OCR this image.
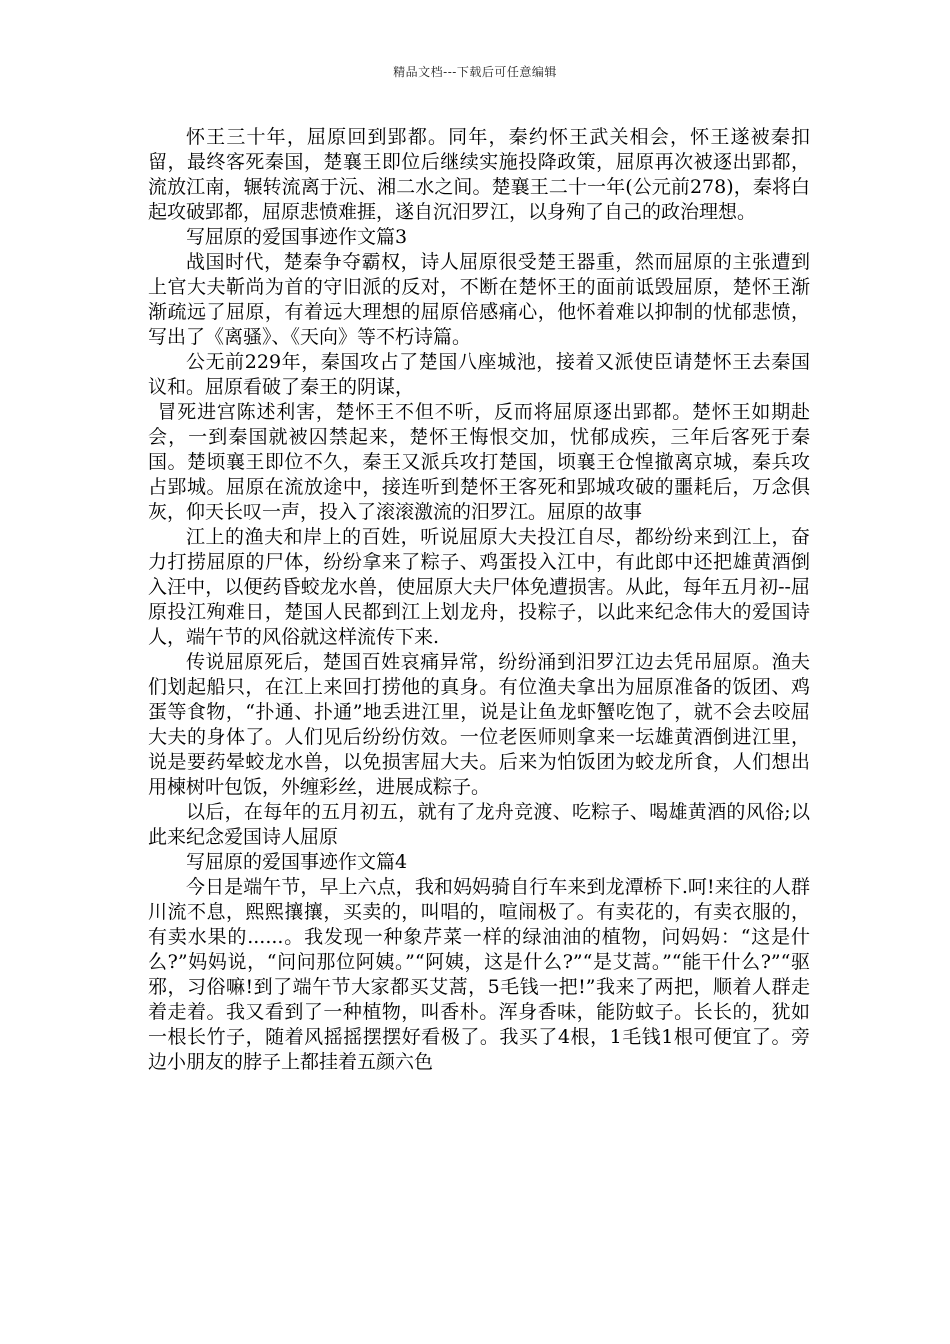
精品文档---下载后可任意编辑

怀王三十年，屈原回到郢都。同年，秦约怀王武关相会，怀王遂被秦扣留，最终客死秦国，楚襄王即位后继续实施投降政策，屈原再次被逐出郢都，流放江南，辗转流离于沅、湘二水之间。楚襄王二十一年(公元前278)，秦将白起攻破郢都，屈原悲愤难捱，遂自沉汨罗江，以身殉了自己的政治理想。

写屈原的爱国事迹作文篇3

战国时代，楚秦争夺霸权，诗人屈原很受楚王器重，然而屈原的主张遭到上官大夫靳尚为首的守旧派的反对，不断在楚怀王的面前诋毁屈原，楚怀王渐渐疏远了屈原，有着远大理想的屈原倍感痛心，他怀着难以抑制的忧郁悲愤，写出了《离骚》、《天向》等不朽诗篇。

公无前229年，秦国攻占了楚国八座城池，接着又派使臣请楚怀王去秦国议和。屈原看破了秦王的阴谋，

冒死进宫陈述利害，楚怀王不但不听，反而将屈原逐出郢都。楚怀王如期赴会，一到秦国就被囚禁起来，楚怀王悔恨交加，忧郁成疾，三年后客死于秦国。楚顷襄王即位不久，秦王又派兵攻打楚国，顷襄王仓惶撤离京城，秦兵攻占郢城。屈原在流放途中，接连听到楚怀王客死和郢城攻破的噩耗后，万念俱灰，仰天长叹一声，投入了滚滚激流的汨罗江。屈原的故事

江上的渔夫和岸上的百姓，听说屈原大夫投江自尽，都纷纷来到江上，奋力打捞屈原的尸体，纷纷拿来了粽子、鸡蛋投入江中，有此郎中还把雄黄酒倒入汪中，以便药昏蛟龙水兽，使屈原大夫尸体免遭损害。从此，每年五月初--屈原投江殉难日，楚国人民都到江上划龙舟，投粽子，以此来纪念伟大的爱国诗人，端午节的风俗就这样流传下来.

传说屈原死后，楚国百姓哀痛异常，纷纷涌到汨罗江边去凭吊屈原。渔夫们划起船只，在江上来回打捞他的真身。有位渔夫拿出为屈原准备的饭团、鸡蛋等食物，“扑通、扑通”地丢进江里，说是让鱼龙虾蟹吃饱了，就不会去咬屈大夫的身体了。人们见后纷纷仿效。一位老医师则拿来一坛雄黄酒倒进江里，说是要药晕蛟龙水兽，以免损害屈大夫。后来为怕饭团为蛟龙所食，人们想出用楝树叶包饭，外缠彩丝，进展成粽子。

以后，在每年的五月初五，就有了龙舟竞渡、吃粽子、喝雄黄酒的风俗;以此来纪念爱国诗人屈原

写屈原的爱国事迹作文篇4

今日是端午节，早上六点，我和妈妈骑自行车来到龙潭桥下.呵!来往的人群川流不息，熙熙攘攘，买卖的，叫唱的，喧闹极了。有卖花的，有卖衣服的，有卖水果的......。我发现一种象芹菜一样的绿油油的植物，问妈妈：“这是什么?”妈妈说，“问问那位阿姨。”“阿姨，这是什么?”“是艾蒿。”“能干什么?”“驱邪，习俗嘛!到了端午节大家都买艾蒿，5毛钱一把!”我来了两把，顺着人群走着走着。我又看到了一种植物，叫香朴。浑身香味，能防蚊子。长长的，犹如一根长竹子，随着风摇摇摆摆好看极了。我买了4根，1毛钱1根可便宜了。旁边小朋友的脖子上都挂着五颜六色
